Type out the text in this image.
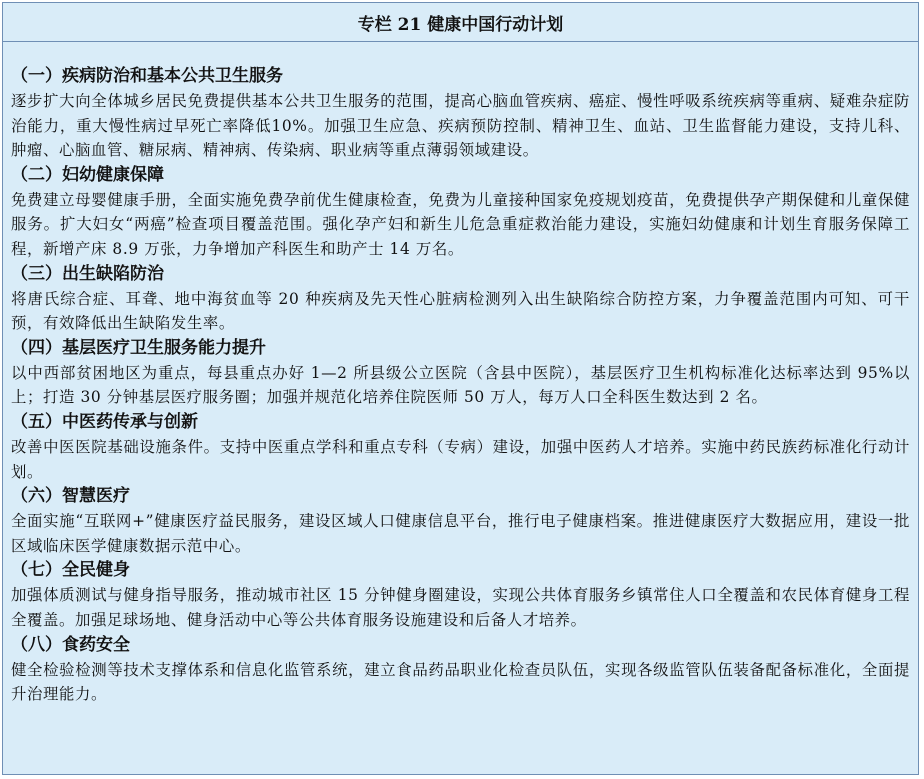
专栏 21 健康中国行动计划
（一）疾病防治和基本公共卫生服务
逐步扩大向全体城乡居民免费提供基本公共卫生服务的范围，提高心脑血管疾病、癌症、慢性呼吸系统疾病等重病、疑难杂症防治能力，重大慢性病过早死亡率降低10%。加强卫生应急、疾病预防控制、精神卫生、血站、卫生监督能力建设，支持儿科、肿瘤、心脑血管、糖尿病、精神病、传染病、职业病等重点薄弱领域建设。
（二）妇幼健康保障
免费建立母婴健康手册，全面实施免费孕前优生健康检查，免费为儿童接种国家免疫规划疫苗，免费提供孕产期保健和儿童保健服务。扩大妇女“两癌”检查项目覆盖范围。强化孕产妇和新生儿危急重症救治能力建设，实施妇幼健康和计划生育服务保障工程，新增产床 8.9 万张，力争增加产科医生和助产士 14 万名。
（三）出生缺陷防治
将唐氏综合症、耳聋、地中海贫血等 20 种疾病及先天性心脏病检测列入出生缺陷综合防控方案，力争覆盖范围内可知、可干预，有效降低出生缺陷发生率。
（四）基层医疗卫生服务能力提升
以中西部贫困地区为重点，每县重点办好 1—2 所县级公立医院（含县中医院），基层医疗卫生机构标准化达标率达到 95%以上；打造 30 分钟基层医疗服务圈；加强并规范化培养住院医师 50 万人，每万人口全科医生数达到 2 名。
（五）中医药传承与创新
改善中医医院基础设施条件。支持中医重点学科和重点专科（专病）建设，加强中医药人才培养。实施中药民族药标准化行动计划。
（六）智慧医疗
全面实施“互联网+”健康医疗益民服务，建设区域人口健康信息平台，推行电子健康档案。推进健康医疗大数据应用，建设一批区域临床医学健康数据示范中心。
（七）全民健身
加强体质测试与健身指导服务，推动城市社区 15 分钟健身圈建设，实现公共体育服务乡镇常住人口全覆盖和农民体育健身工程全覆盖。加强足球场地、健身活动中心等公共体育服务设施建设和后备人才培养。
（八）食药安全
健全检验检测等技术支撑体系和信息化监管系统，建立食品药品职业化检查员队伍，实现各级监管队伍装备配备标准化，全面提升治理能力。
